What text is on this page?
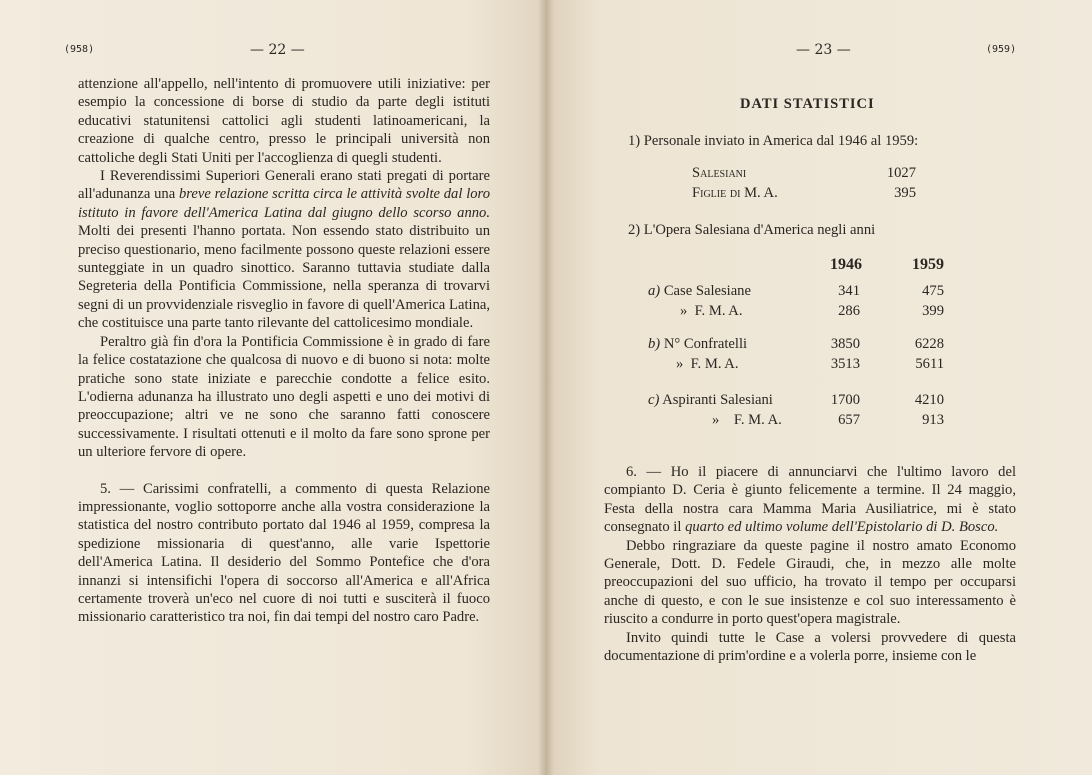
(958)	— 22 —

attenzione all'appello, nell'intento di promuovere utili iniziative: per esempio la concessione di borse di studio da parte degli istituti educativi statunitensi cattolici agli studenti latinoamericani, la creazione di qualche centro, presso le principali università non cattoliche degli Stati Uniti per l'accoglienza di quegli studenti.

I Reverendissimi Superiori Generali erano stati pregati di portare all'adunanza una breve relazione scritta circa le attività svolte dal loro istituto in favore dell'America Latina dal giugno dello scorso anno. Molti dei presenti l'hanno portata. Non essendo stato distribuito un preciso questionario, meno facilmente possono queste relazioni essere sunteggiate in un quadro sinottico. Saranno tuttavia studiate dalla Segreteria della Pontificia Commissione, nella speranza di trovarvi segni di un provvidenziale risveglio in favore di quell'America Latina, che costituisce una parte tanto rilevante del cattolicesimo mondiale.

Peraltro già fin d'ora la Pontificia Commissione è in grado di fare la felice costatazione che qualcosa di nuovo e di buono si nota: molte pratiche sono state iniziate e parecchie condotte a felice esito. L'odierna adunanza ha illustrato uno degli aspetti e uno dei motivi di preoccupazione; altri ve ne sono che saranno fatti conoscere successivamente. I risultati ottenuti e il molto da fare sono sprone per un ulteriore fervore di opere.

5. — Carissimi confratelli, a commento di questa Relazione impressionante, voglio sottoporre anche alla vostra considerazione la statistica del nostro contributo portato dal 1946 al 1959, compresa la spedizione missionaria di quest'anno, alle varie Ispettorie dell'America Latina. Il desiderio del Sommo Pontefice che d'ora innanzi si intensifichi l'opera di soccorso all'America e all'Africa certamente troverà un'eco nel cuore di noi tutti e susciterà il fuoco missionario caratteristico tra noi, fin dai tempi del nostro caro Padre.

— 23 —	(959)
DATI STATISTICI
1) Personale inviato in America dal 1946 al 1959:
Salesiani	1027
Figlie di M. A.	395
2) L'Opera Salesiana d'America negli anni
1946	1959
a) Case Salesiane	341	475
» F. M. A.	286	399
b) N° Confratelli	3850	6228
» F. M. A.	3513	5611
c) Aspiranti Salesiani	1700	4210
» F. M. A.	657	913

6. — Ho il piacere di annunciarvi che l'ultimo lavoro del compianto D. Ceria è giunto felicemente a termine. Il 24 maggio, Festa della nostra cara Mamma Maria Ausiliatrice, mi è stato consegnato il quarto ed ultimo volume dell'Epistolario di D. Bosco.

Debbo ringraziare da queste pagine il nostro amato Economo Generale, Dott. D. Fedele Giraudi, che, in mezzo alle molte preoccupazioni del suo ufficio, ha trovato il tempo per occuparsi anche di questo, e con le sue insistenze e col suo interessamento è riuscito a condurre in porto quest'opera magistrale.

Invito quindi tutte le Case a volersi provvedere di questa documentazione di prim'ordine e a volerla porre, insieme con le
